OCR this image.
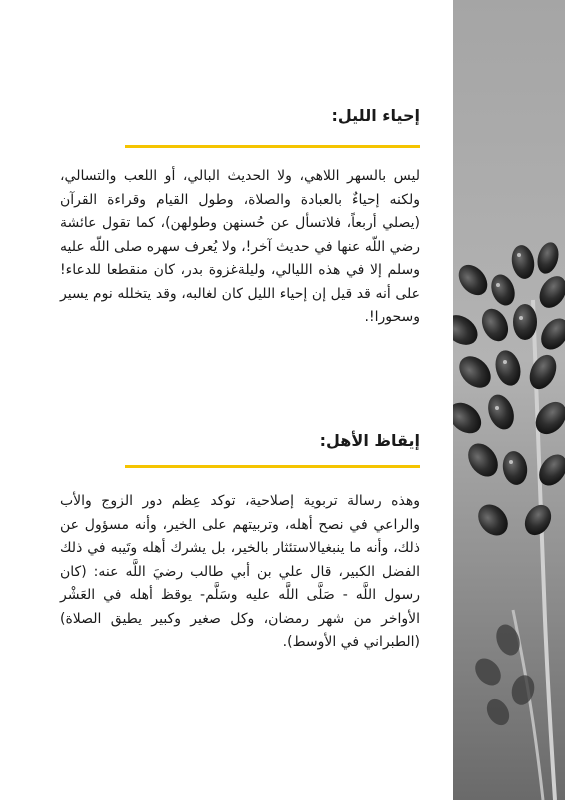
إحياء الليل:

ليس بالسهر اللاهي، ولا الحديث البالي، أو اللعب والتسالي، ولكنه إحياءٌ بالعبادة والصلاة، وطول القيام وقراءة القرآن (يصلي أربعاً، فلاتسأل عن حُسنهن وطولهن)، كما تقول عائشة رضي اللّه عنها في حديث آخر!، ولا يُعرف سهره صلى اللّه عليه وسلم إلا في هذه الليالي، وليلةغزوة بدر، كان منقطعا للدعاء! على أنه قد قيل إن إحياء الليل كان لغالبه، وقد يتخلله نوم يسير وسحورا!.

إيقاظ الأهل:

وهذه رسالة تربوية إصلاحية، توكد عِظم دور الزوج والأب والراعي في نصح أهله، وتربيتهم على الخير، وأنه مسؤول عن ذلك، وأنه ما ينبغيالاستئثار بالخير، بل يشرك أهله وتَيبه في ذلك الفضل الكبير، قال علي بن أبي طالب رضيَ اللَّه عنه: (كان رسول اللَّه - صَلَّى اللَّه عليه وسَلَّم- يوقظ أهله في العَشْر الأواخر من شهر رمضان، وكل صغير وكبير يطيق الصلاة) (الطبراني في الأوسط).
